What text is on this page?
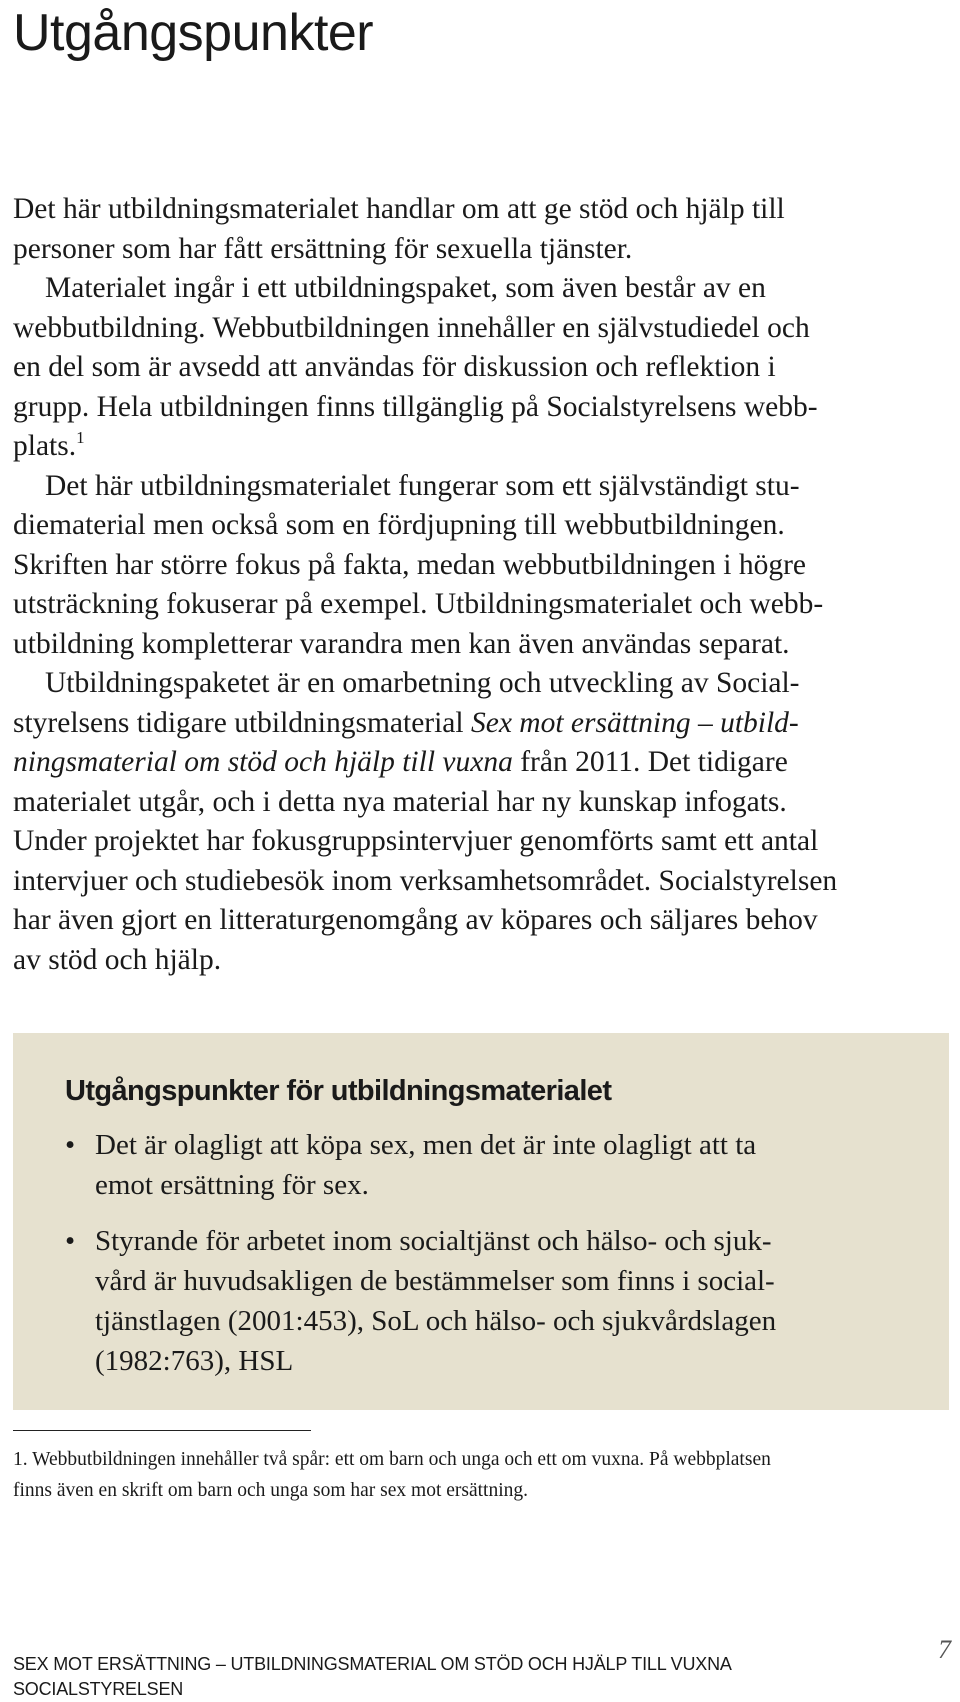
Utgångspunkter
Det här utbildningsmaterialet handlar om att ge stöd och hjälp till
personer som har fått ersättning för sexuella tjänster.
Materialet ingår i ett utbildningspaket, som även består av en
webbutbildning. Webbutbildningen innehåller en självstudiedel och
en del som är avsedd att användas för diskussion och reflektion i
grupp. Hela utbildningen finns tillgänglig på Socialstyrelsens webb-
plats.$^1$
Det här utbildningsmaterialet fungerar som ett självständigt stu-
diematerial men också som en fördjupning till webbutbildningen.
Skriften har större fokus på fakta, medan webbutbildningen i högre
utsträckning fokuserar på exempel. Utbildningsmaterialet och webb-
utbildning kompletterar varandra men kan även användas separat.
Utbildningspaketet är en omarbetning och utveckling av Social-
styrelsens tidigare utbildningsmaterial Sex mot ersättning – utbild-
ningsmaterial om stöd och hjälp till vuxna från 2011. Det tidigare
materialet utgår, och i detta nya material har ny kunskap infogats.
Under projektet har fokusgruppsintervjuer genomförts samt ett antal
intervjuer och studiebesök inom verksamhetsområdet. Socialstyrelsen
har även gjort en litteraturgenomgång av köpares och säljares behov
av stöd och hjälp.
Utgångspunkter för utbildningsmaterialet
• Det är olagligt att köpa sex, men det är inte olagligt att ta
emot ersättning för sex.
• Styrande för arbetet inom socialtjänst och hälso- och sjuk-
vård är huvudsakligen de bestämmelser som finns i social-
tjänstlagen (2001:453), SoL och hälso- och sjukvårdslagen
(1982:763), HSL
1. Webbutbildningen innehåller två spår: ett om barn och unga och ett om vuxna. På webbplatsen
finns även en skrift om barn och unga som har sex mot ersättning.
SEX MOT ERSÄTTNING – UTBILDNINGSMATERIAL OM STÖD OCH HJÄLP TILL VUXNA
SOCIALSTYRELSEN
7
